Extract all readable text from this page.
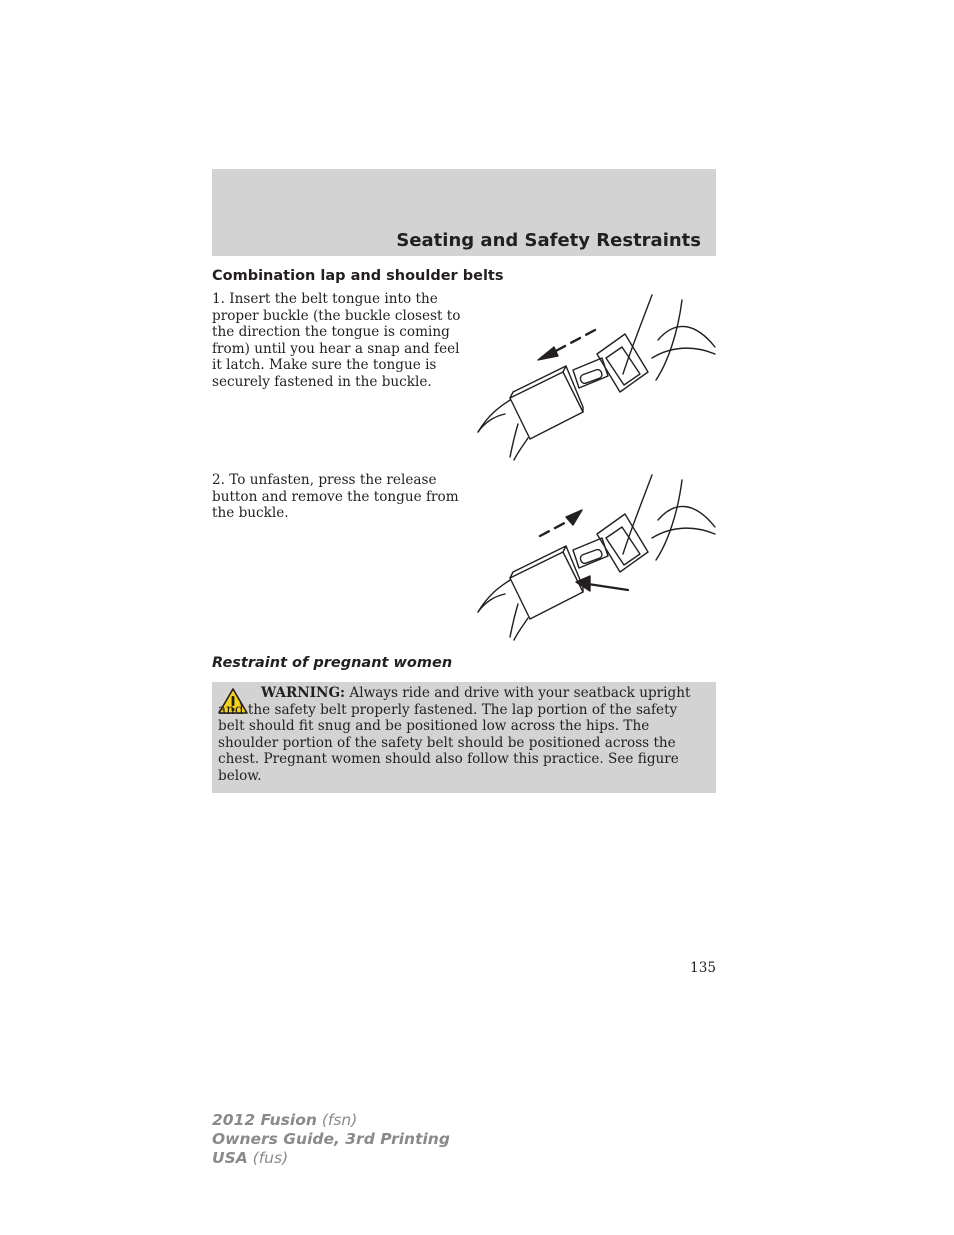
Seating and Safety Restraints
Combination lap and shoulder belts

1. Insert the belt tongue into the proper buckle (the buckle closest to the direction the tongue is coming from) until you hear a snap and feel it latch. Make sure the tongue is securely fastened in the buckle.

2. To unfasten, press the release button and remove the tongue from the buckle.

Restraint of pregnant women

WARNING: Always ride and drive with your seatback upright and the safety belt properly fastened. The lap portion of the safety belt should fit snug and be positioned low across the hips. The shoulder portion of the safety belt should be positioned across the chest. Pregnant women should also follow this practice. See figure below.

135

2012 Fusion (fsn)
Owners Guide, 3rd Printing
USA (fus)
